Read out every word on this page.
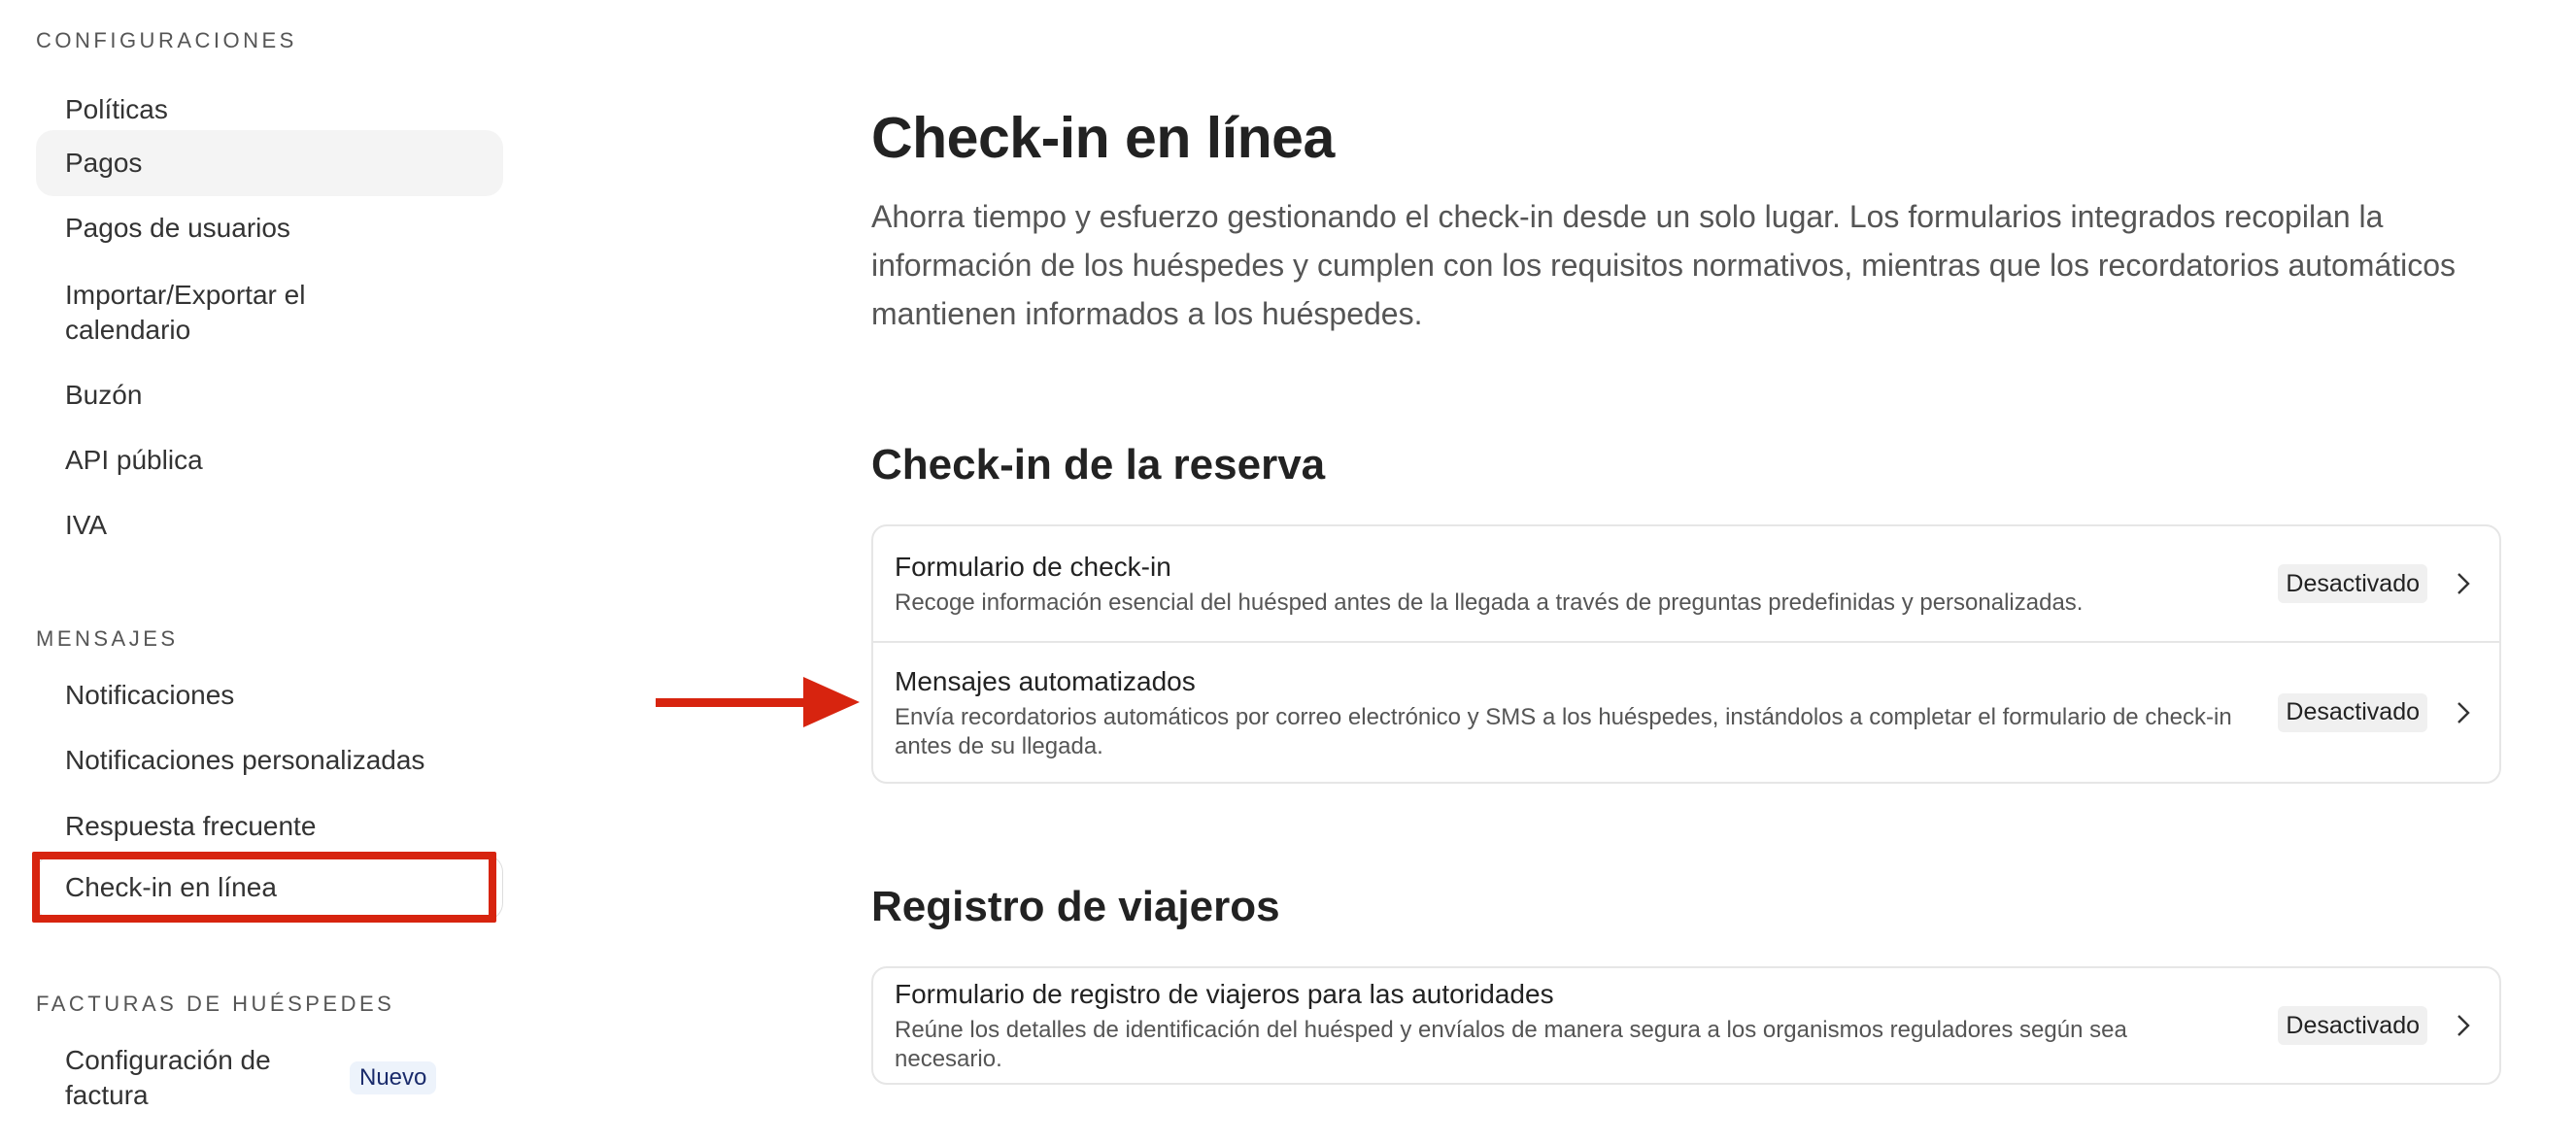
CONFIGURACIONES
Políticas
Pagos
Pagos de usuarios
Importar/Exportar el calendario
Buzón
API pública
IVA
MENSAJES
Notificaciones
Notificaciones personalizadas
Respuesta frecuente
Check-in en línea
FACTURAS DE HUÉSPEDES
Configuración de factura
Nuevo
Check-in en línea

Ahorra tiempo y esfuerzo gestionando el check-in desde un solo lugar. Los formularios integrados recopilan la información de los huéspedes y cumplen con los requisitos normativos, mientras que los recordatorios automáticos mantienen informados a los huéspedes.

Check-in de la reserva
Formulario de check-in
Recoge información esencial del huésped antes de la llegada a través de preguntas predefinidas y personalizadas.
Desactivado
Mensajes automatizados
Envía recordatorios automáticos por correo electrónico y SMS a los huéspedes, instándolos a completar el formulario de check-in antes de su llegada.
Desactivado
Registro de viajeros
Formulario de registro de viajeros para las autoridades
Reúne los detalles de identificación del huésped y envíalos de manera segura a los organismos reguladores según sea necesario.
Desactivado
